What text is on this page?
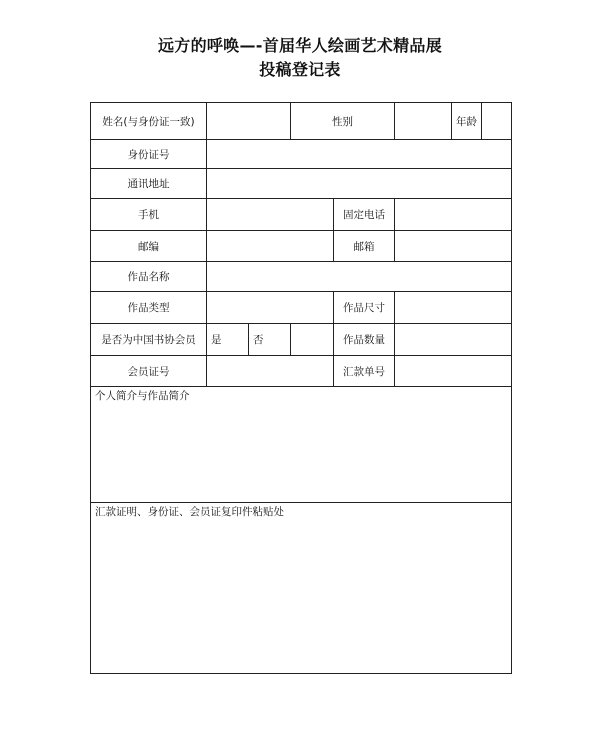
远方的呼唤—-首届华人绘画艺术精品展
投稿登记表
姓名(与身份证一致)		性别			年龄	

身份证号	
通讯地址	
手机		固定电话	
邮编		邮箱	
作品名称	
作品类型		作品尺寸	
是否为中国书协会员	是	否		作品数量	
会员证号		汇款单号	
个人简介与作品简介
汇款证明、身份证、会员证复印件粘贴处
